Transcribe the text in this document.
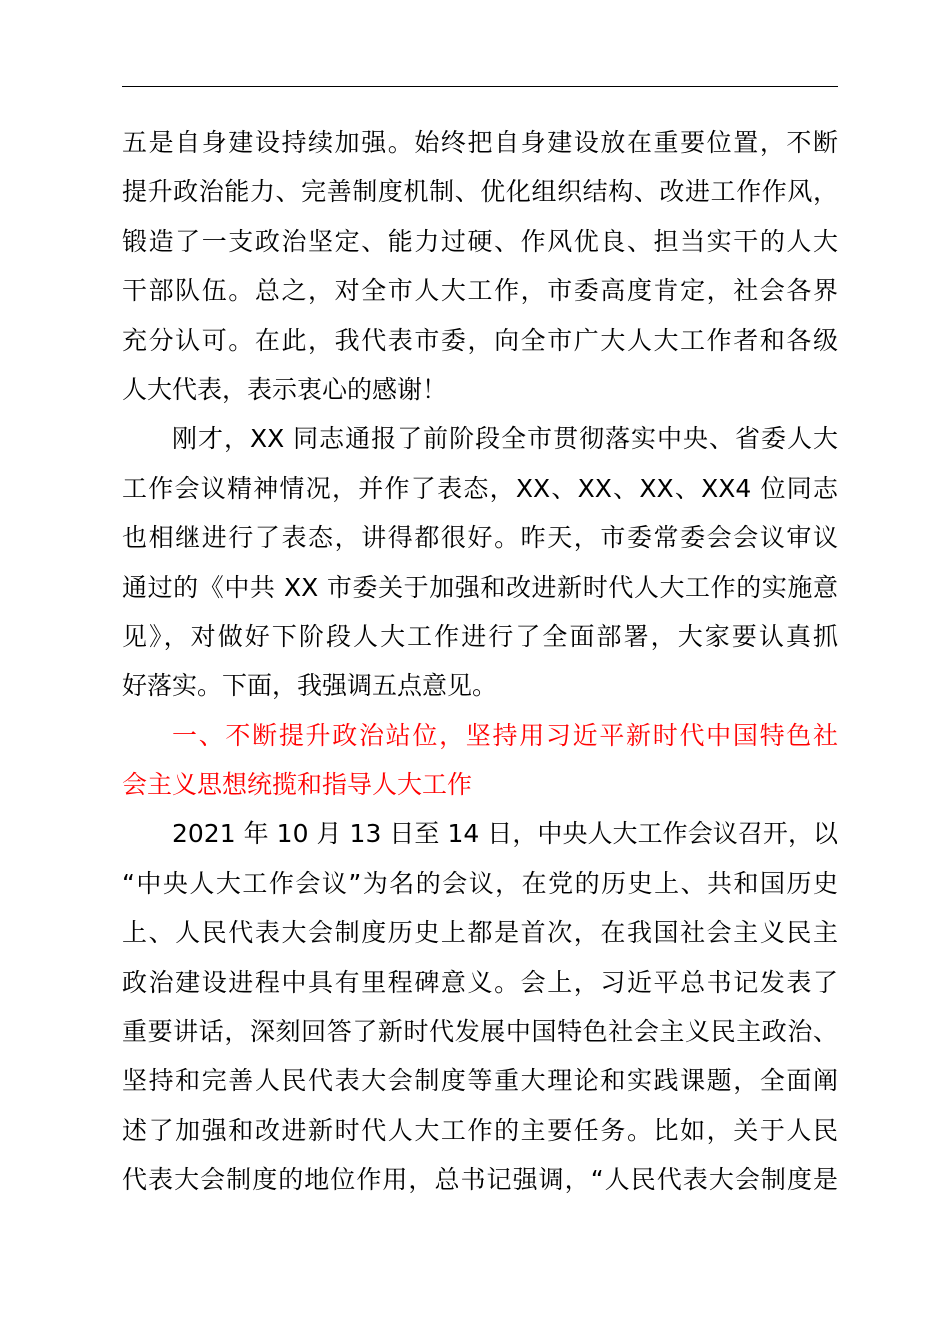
五是自身建设持续加强。始终把自身建设放在重要位置，不断
提升政治能力、完善制度机制、优化组织结构、改进工作作风，
锻造了一支政治坚定、能力过硬、作风优良、担当实干的人大
干部队伍。总之，对全市人大工作，市委高度肯定，社会各界
充分认可。在此，我代表市委，向全市广大人大工作者和各级
人大代表，表示衷心的感谢！
刚才，XX 同志通报了前阶段全市贯彻落实中央、省委人大
工作会议精神情况，并作了表态，XX、XX、XX、XX4 位同志
也相继进行了表态，讲得都很好。昨天，市委常委会会议审议
通过的《中共 XX 市委关于加强和改进新时代人大工作的实施意
见》，对做好下阶段人大工作进行了全面部署，大家要认真抓
好落实。下面，我强调五点意见。
一、不断提升政治站位，坚持用习近平新时代中国特色社
会主义思想统揽和指导人大工作
2021 年 10 月 13 日至 14 日，中央人大工作会议召开，以
“中央人大工作会议”为名的会议，在党的历史上、共和国历史
上、人民代表大会制度历史上都是首次，在我国社会主义民主
政治建设进程中具有里程碑意义。会上，习近平总书记发表了
重要讲话，深刻回答了新时代发展中国特色社会主义民主政治、
坚持和完善人民代表大会制度等重大理论和实践课题，全面阐
述了加强和改进新时代人大工作的主要任务。比如，关于人民
代表大会制度的地位作用，总书记强调，“人民代表大会制度是
